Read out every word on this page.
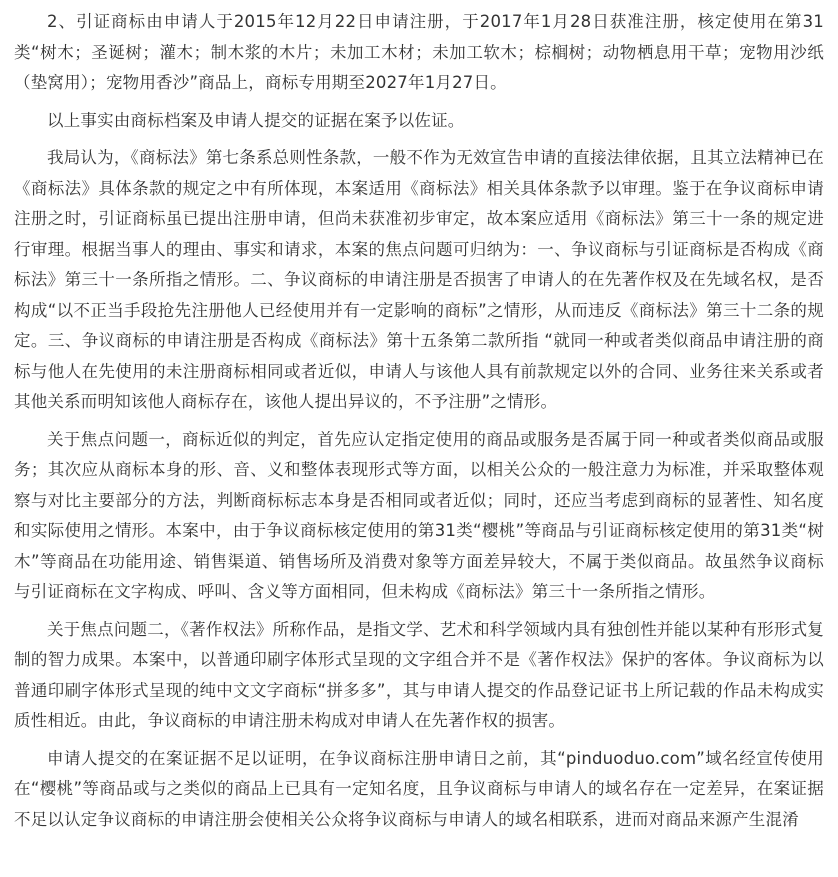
2、引证商标由申请人于2015年12月22日申请注册，于2017年1月28日获准注册，核定使用在第31类“树木；圣诞树；灌木；制木浆的木片；未加工木材；未加工软木；棕榈树；动物栖息用干草；宠物用沙纸（垫窝用）；宠物用香沙”商品上，商标专用期至2027年1月27日。

以上事实由商标档案及申请人提交的证据在案予以佐证。

我局认为，《商标法》第七条系总则性条款，一般不作为无效宣告申请的直接法律依据，且其立法精神已在《商标法》具体条款的规定之中有所体现，本案适用《商标法》相关具体条款予以审理。鉴于在争议商标申请注册之时，引证商标虽已提出注册申请，但尚未获准初步审定，故本案应适用《商标法》第三十一条的规定进行审理。根据当事人的理由、事实和请求，本案的焦点问题可归纳为：一、争议商标与引证商标是否构成《商标法》第三十一条所指之情形。二、争议商标的申请注册是否损害了申请人的在先著作权及在先域名权，是否构成“以不正当手段抢先注册他人已经使用并有一定影响的商标”之情形，从而违反《商标法》第三十二条的规定。三、争议商标的申请注册是否构成《商标法》第十五条第二款所指 “就同一种或者类似商品申请注册的商标与他人在先使用的未注册商标相同或者近似，申请人与该他人具有前款规定以外的合同、业务往来关系或者其他关系而明知该他人商标存在，该他人提出异议的，不予注册”之情形。

关于焦点问题一，商标近似的判定，首先应认定指定使用的商品或服务是否属于同一种或者类似商品或服务；其次应从商标本身的形、音、义和整体表现形式等方面，以相关公众的一般注意力为标准，并采取整体观察与对比主要部分的方法，判断商标标志本身是否相同或者近似；同时，还应当考虑到商标的显著性、知名度和实际使用之情形。本案中，由于争议商标核定使用的第31类“樱桃”等商品与引证商标核定使用的第31类“树木”等商品在功能用途、销售渠道、销售场所及消费对象等方面差异较大，不属于类似商品。故虽然争议商标与引证商标在文字构成、呼叫、含义等方面相同，但未构成《商标法》第三十一条所指之情形。

关于焦点问题二，《著作权法》所称作品，是指文学、艺术和科学领域内具有独创性并能以某种有形形式复制的智力成果。本案中，以普通印刷字体形式呈现的文字组合并不是《著作权法》保护的客体。争议商标为以普通印刷字体形式呈现的纯中文文字商标“拼多多”，其与申请人提交的作品登记证书上所记载的作品未构成实质性相近。由此，争议商标的申请注册未构成对申请人在先著作权的损害。

申请人提交的在案证据不足以证明，在争议商标注册申请日之前，其“pinduoduo.com”域名经宣传使用在“樱桃”等商品或与之类似的商品上已具有一定知名度，且争议商标与申请人的域名存在一定差异，在案证据不足以认定争议商标的申请注册会使相关公众将争议商标与申请人的域名相联系，进而对商品来源产生混淆
